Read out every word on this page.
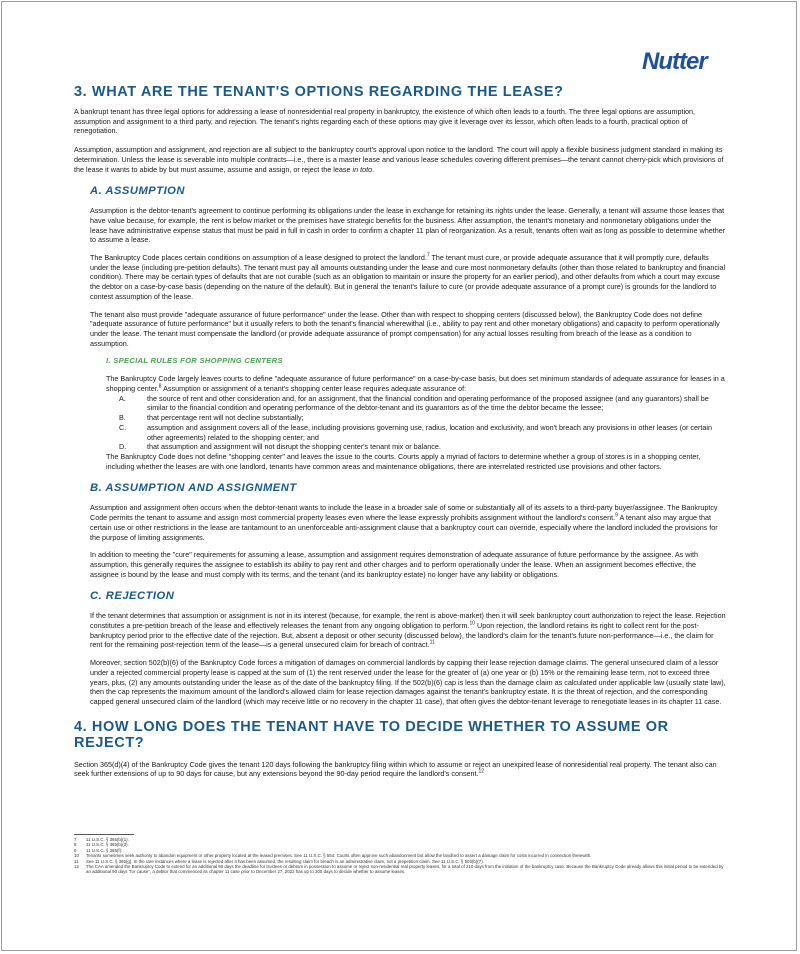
Nutter
3. WHAT ARE THE TENANT'S OPTIONS REGARDING THE LEASE?

A bankrupt tenant has three legal options for addressing a lease of nonresidential real property in bankruptcy, the existence of which often leads to a fourth. The three legal options are assumption, assumption and assignment to a third party, and rejection. The tenant's rights regarding each of these options may give it leverage over its lessor, which often leads to a fourth, practical option of renegotiation.

Assumption, assumption and assignment, and rejection are all subject to the bankruptcy court's approval upon notice to the landlord. The court will apply a flexible business judgment standard in making its determination. Unless the lease is severable into multiple contracts—i.e., there is a master lease and various lease schedules covering different premises—the tenant cannot cherry-pick which provisions of the lease it wants to abide by but must assume, assume and assign, or reject the lease in toto.

A. ASSUMPTION

Assumption is the debtor-tenant's agreement to continue performing its obligations under the lease in exchange for retaining its rights under the lease. Generally, a tenant will assume those leases that have value because, for example, the rent is below market or the premises have strategic benefits for the business. After assumption, the tenant's monetary and nonmonetary obligations under the lease have administrative expense status that must be paid in full in cash in order to confirm a chapter 11 plan of reorganization. As a result, tenants often wait as long as possible to determine whether to assume a lease.

The Bankruptcy Code places certain conditions on assumption of a lease designed to protect the landlord.$^7$ The tenant must cure, or provide adequate assurance that it will promptly cure, defaults under the lease (including pre-petition defaults). The tenant must pay all amounts outstanding under the lease and cure most nonmonetary defaults (other than those related to bankruptcy and financial condition). There may be certain types of defaults that are not curable (such as an obligation to maintain or insure the property for an earlier period), and other defaults from which a court may excuse the debtor on a case-by-case basis (depending on the nature of the default). But in general the tenant's failure to cure (or provide adequate assurance of a prompt cure) is grounds for the landlord to contest assumption of the lease.

The tenant also must provide "adequate assurance of future performance" under the lease. Other than with respect to shopping centers (discussed below), the Bankruptcy Code does not define "adequate assurance of future performance" but it usually refers to both the tenant's financial wherewithal (i.e., ability to pay rent and other monetary obligations) and capacity to perform operationally under the lease. The tenant must compensate the landlord (or provide adequate assurance of prompt compensation) for any actual losses resulting from breach of the lease as a condition to assumption.

I. SPECIAL RULES FOR SHOPPING CENTERS

The Bankruptcy Code largely leaves courts to define "adequate assurance of future performance" on a case-by-case basis, but does set minimum standards of adequate assurance for leases in a shopping center.$^8$ Assumption or assignment of a tenant's shopping center lease requires adequate assurance of:

A.	the source of rent and other consideration and, for an assignment, that the financial condition and operating performance of the proposed assignee (and any guarantors) shall be similar to the financial condition and operating performance of the debtor-tenant and its guarantors as of the time the debtor became the lessee;
B.	that percentage rent will not decline substantially;
C.	assumption and assignment covers all of the lease, including provisions governing use, radius, location and exclusivity, and won't breach any provisions in other leases (or certain other agreements) related to the shopping center; and
D.	that assumption and assignment will not disrupt the shopping center's tenant mix or balance.

The Bankruptcy Code does not define "shopping center" and leaves the issue to the courts. Courts apply a myriad of factors to determine whether a group of stores is in a shopping center, including whether the leases are with one landlord, tenants have common areas and maintenance obligations, there are interrelated restricted use provisions and other factors.

B. ASSUMPTION AND ASSIGNMENT

Assumption and assignment often occurs when the debtor-tenant wants to include the lease in a broader sale of some or substantially all of its assets to a third-party buyer/assignee. The Bankruptcy Code permits the tenant to assume and assign most commercial property leases even where the lease expressly prohibits assignment without the landlord's consent.$^9$ A tenant also may argue that certain use or other restrictions in the lease are tantamount to an unenforceable anti-assignment clause that a bankruptcy court can override, especially where the landlord included the provisions for the purpose of limiting assignments.

In addition to meeting the "cure" requirements for assuming a lease, assumption and assignment requires demonstration of adequate assurance of future performance by the assignee. As with assumption, this generally requires the assignee to establish its ability to pay rent and other charges and to perform operationally under the lease. When an assignment becomes effective, the assignee is bound by the lease and must comply with its terms, and the tenant (and its bankruptcy estate) no longer have any liability or obligations.

C. REJECTION

If the tenant determines that assumption or assignment is not in its interest (because, for example, the rent is above-market) then it will seek bankruptcy court authorization to reject the lease. Rejection constitutes a pre-petition breach of the lease and effectively releases the tenant from any ongoing obligation to perform.$^{10}$ Upon rejection, the landlord retains its right to collect rent for the post-bankruptcy period prior to the effective date of the rejection. But, absent a deposit or other security (discussed below), the landlord's claim for the tenant's future non-performance—i.e., the claim for rent for the remaining post-rejection term of the lease—is a general unsecured claim for breach of contract.$^{11}$

Moreover, section 502(b)(6) of the Bankruptcy Code forces a mitigation of damages on commercial landlords by capping their lease rejection damage claims. The general unsecured claim of a lessor under a rejected commercial property lease is capped at the sum of (1) the rent reserved under the lease for the greater of (a) one year or (b) 15% or the remaining lease term, not to exceed three years, plus, (2) any amounts outstanding under the lease as of the date of the bankruptcy filing. If the 502(b)(6) cap is less than the damage claim as calculated under applicable law (usually state law), then the cap represents the maximum amount of the landlord's allowed claim for lease rejection damages against the tenant's bankruptcy estate. It is the threat of rejection, and the corresponding capped general unsecured claim of the landlord (which may receive little or no recovery in the chapter 11 case), that often gives the debtor-tenant leverage to renegotiate leases in its chapter 11 case.

4. HOW LONG DOES THE TENANT HAVE TO DECIDE WHETHER TO ASSUME OR REJECT?

Section 365(d)(4) of the Bankruptcy Code gives the tenant 120 days following the bankruptcy filing within which to assume or reject an unexpired lease of nonresidential real property. The tenant also can seek further extensions of up to 90 days for cause, but any extensions beyond the 90-day period require the landlord's consent.$^{12}$

7	11 U.S.C. § 365(b)(1).
8	11 U.S.C. § 365(b)(3).
9	11 U.S.C. § 365(f).
10	Tenants sometimes seek authority to abandon equipment or other property located at the leased premises. See 11 U.S.C. § 554. Courts often approve such abandonment but allow the landlord to assert a damage claim for costs incurred in connection therewith.
11	See 11 U.S.C. § 365(g). In the rare instances where a lease is rejected after it has been assumed, the resulting claim for breach is an administrative claim, not a prepetition claim. See 11 U.S.C. § 503(b)(7).
12	The CAA amended the Bankruptcy Code to extend for an additional 90 days the deadline for trustees or debtors in possession to assume or reject non-residential real property leases, for a total of 210 days from the initiation of the bankruptcy case. Because the Bankruptcy Code already allows this initial period to be extended by an additional 90 days "for cause", a debtor that commenced its chapter 11 case prior to December 27, 2022 has up to 300 days to decide whether to assume leases.
